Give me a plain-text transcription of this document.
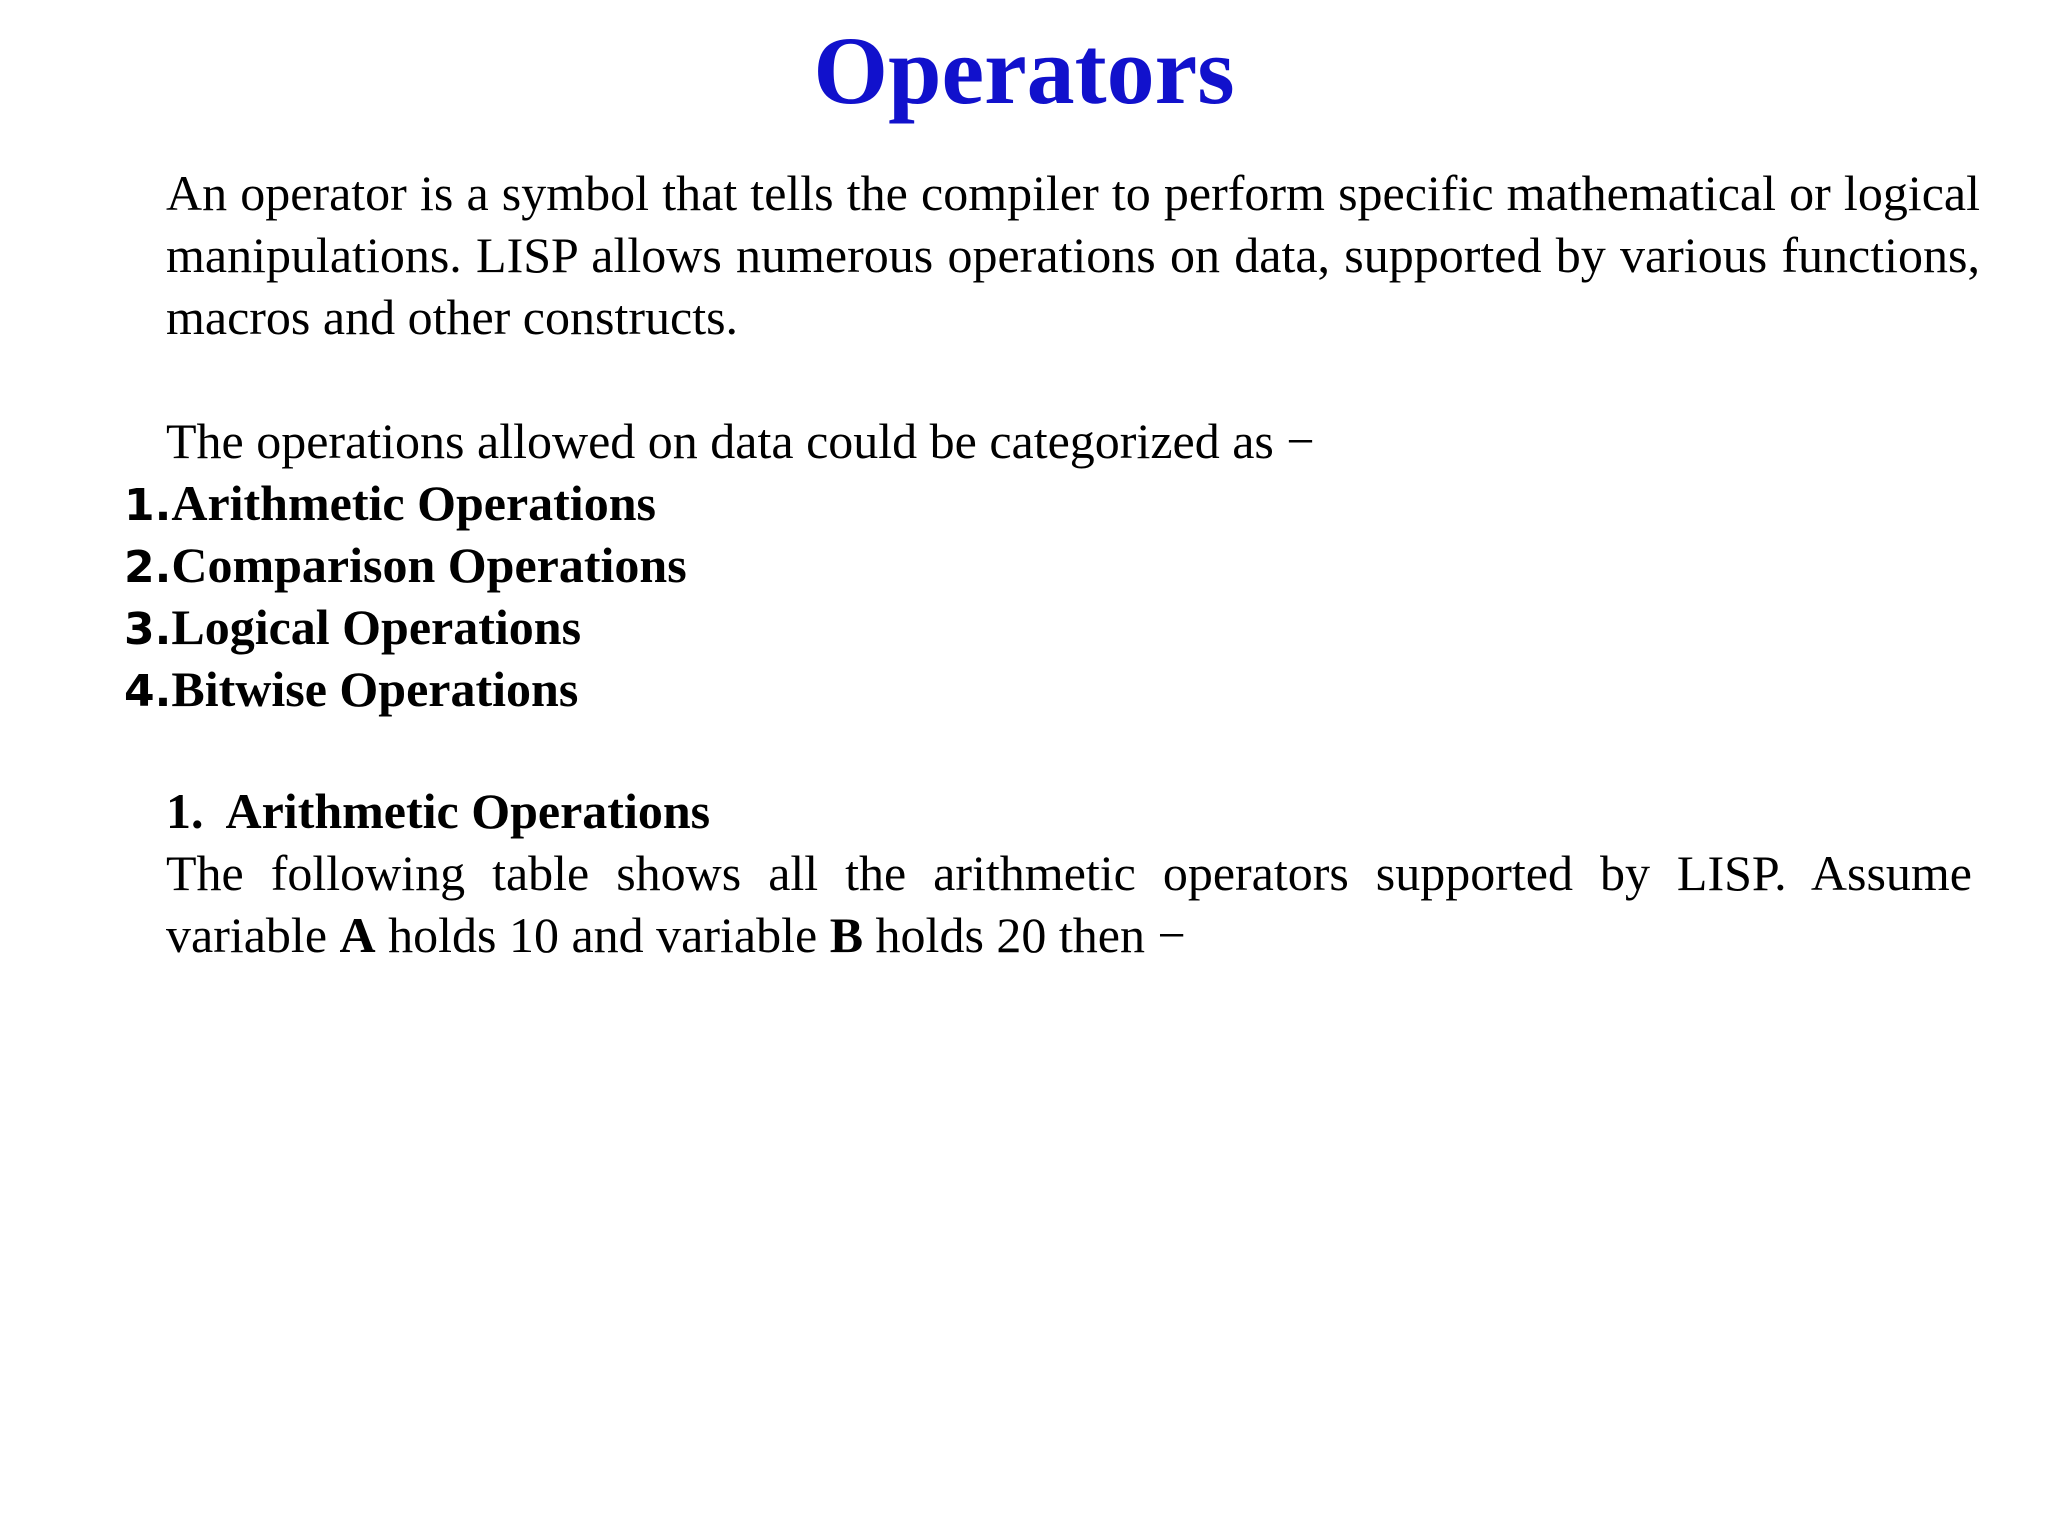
Operators

An operator is a symbol that tells the compiler to perform specific mathematical or logical manipulations. LISP allows numerous operations on data, supported by various functions, macros and other constructs.

The operations allowed on data could be categorized as −

1. Arithmetic Operations
2. Comparison Operations
3. Logical Operations
4. Bitwise Operations
1. Arithmetic Operations

The following table shows all the arithmetic operators supported by LISP. Assume variable A holds 10 and variable B holds 20 then −
